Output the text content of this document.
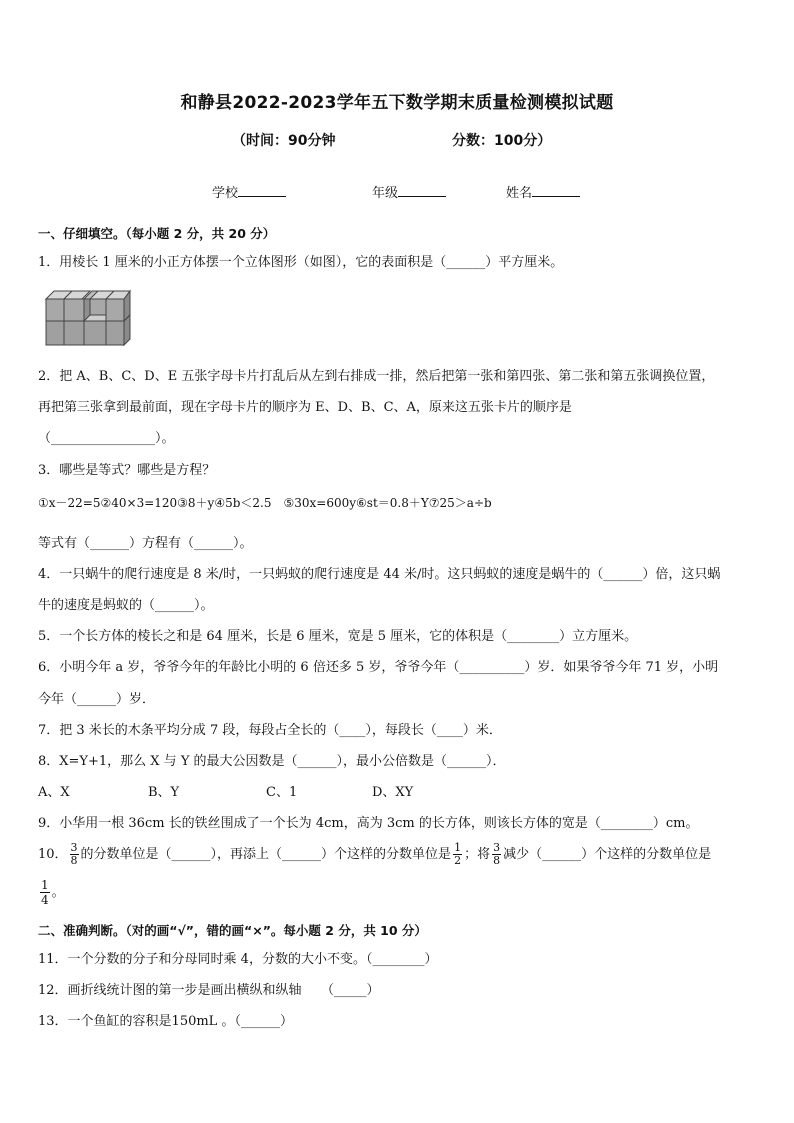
和静县2022-2023学年五下数学期末质量检测模拟试题
（时间：90分钟	分数：100分）
学校	年级	姓名
一、仔细填空。（每小题 2 分，共 20 分）
1．用棱长 1 厘米的小正方体摆一个立体图形（如图），它的表面积是（______）平方厘米。
2．把 A、B、C、D、E 五张字母卡片打乱后从左到右排成一排，然后把第一张和第四张、第二张和第五张调换位置，
再把第三张拿到最前面，现在字母卡片的顺序为 E、D、B、C、A，原来这五张卡片的顺序是
（________________）。
3．哪些是等式？哪些是方程？
①x－22=5②40×3=120③8＋y④5b＜2.5　⑤30x=600y⑥st＝0.8＋Y⑦25＞a÷b
等式有（______）方程有（______）。
4．一只蜗牛的爬行速度是 8 米/时，一只蚂蚁的爬行速度是 44 米/时。这只蚂蚁的速度是蜗牛的（______）倍，这只蜗
牛的速度是蚂蚁的（______）。
5．一个长方体的棱长之和是 64 厘米，长是 6 厘米，宽是 5 厘米，它的体积是（________）立方厘米。
6．小明今年 a 岁，爷爷今年的年龄比小明的 6 倍还多 5 岁，爷爷今年（__________）岁．如果爷爷今年 71 岁，小明
今年（______）岁．
7．把 3 米长的木条平均分成 7 段，每段占全长的（____），每段长（____）米．
8．X=Y+1，那么 X 与 Y 的最大公因数是（______），最小公倍数是（______）．
A、X	B、Y	C、1	D、XY
9．小华用一根 36cm 长的铁丝围成了一个长为 4cm，高为 3cm 的长方体，则该长方体的宽是（________）cm。
10． $\frac{3}{8}$ 的分数单位是（______），再添上（______）个这样的分数单位是 $\frac{1}{2}$ ；将 $\frac{3}{8}$ 减少（______）个这样的分数单位是
$\frac{1}{4}$ 。
二、准确判断。（对的画“√”，错的画“×”。每小题 2 分，共 10 分）
11．一个分数的分子和分母同时乘 4，分数的大小不变。（________）
12．画折线统计图的第一步是画出横纵和纵轴　　（_____）
13．一个鱼缸的容积是150mL 。（______）
